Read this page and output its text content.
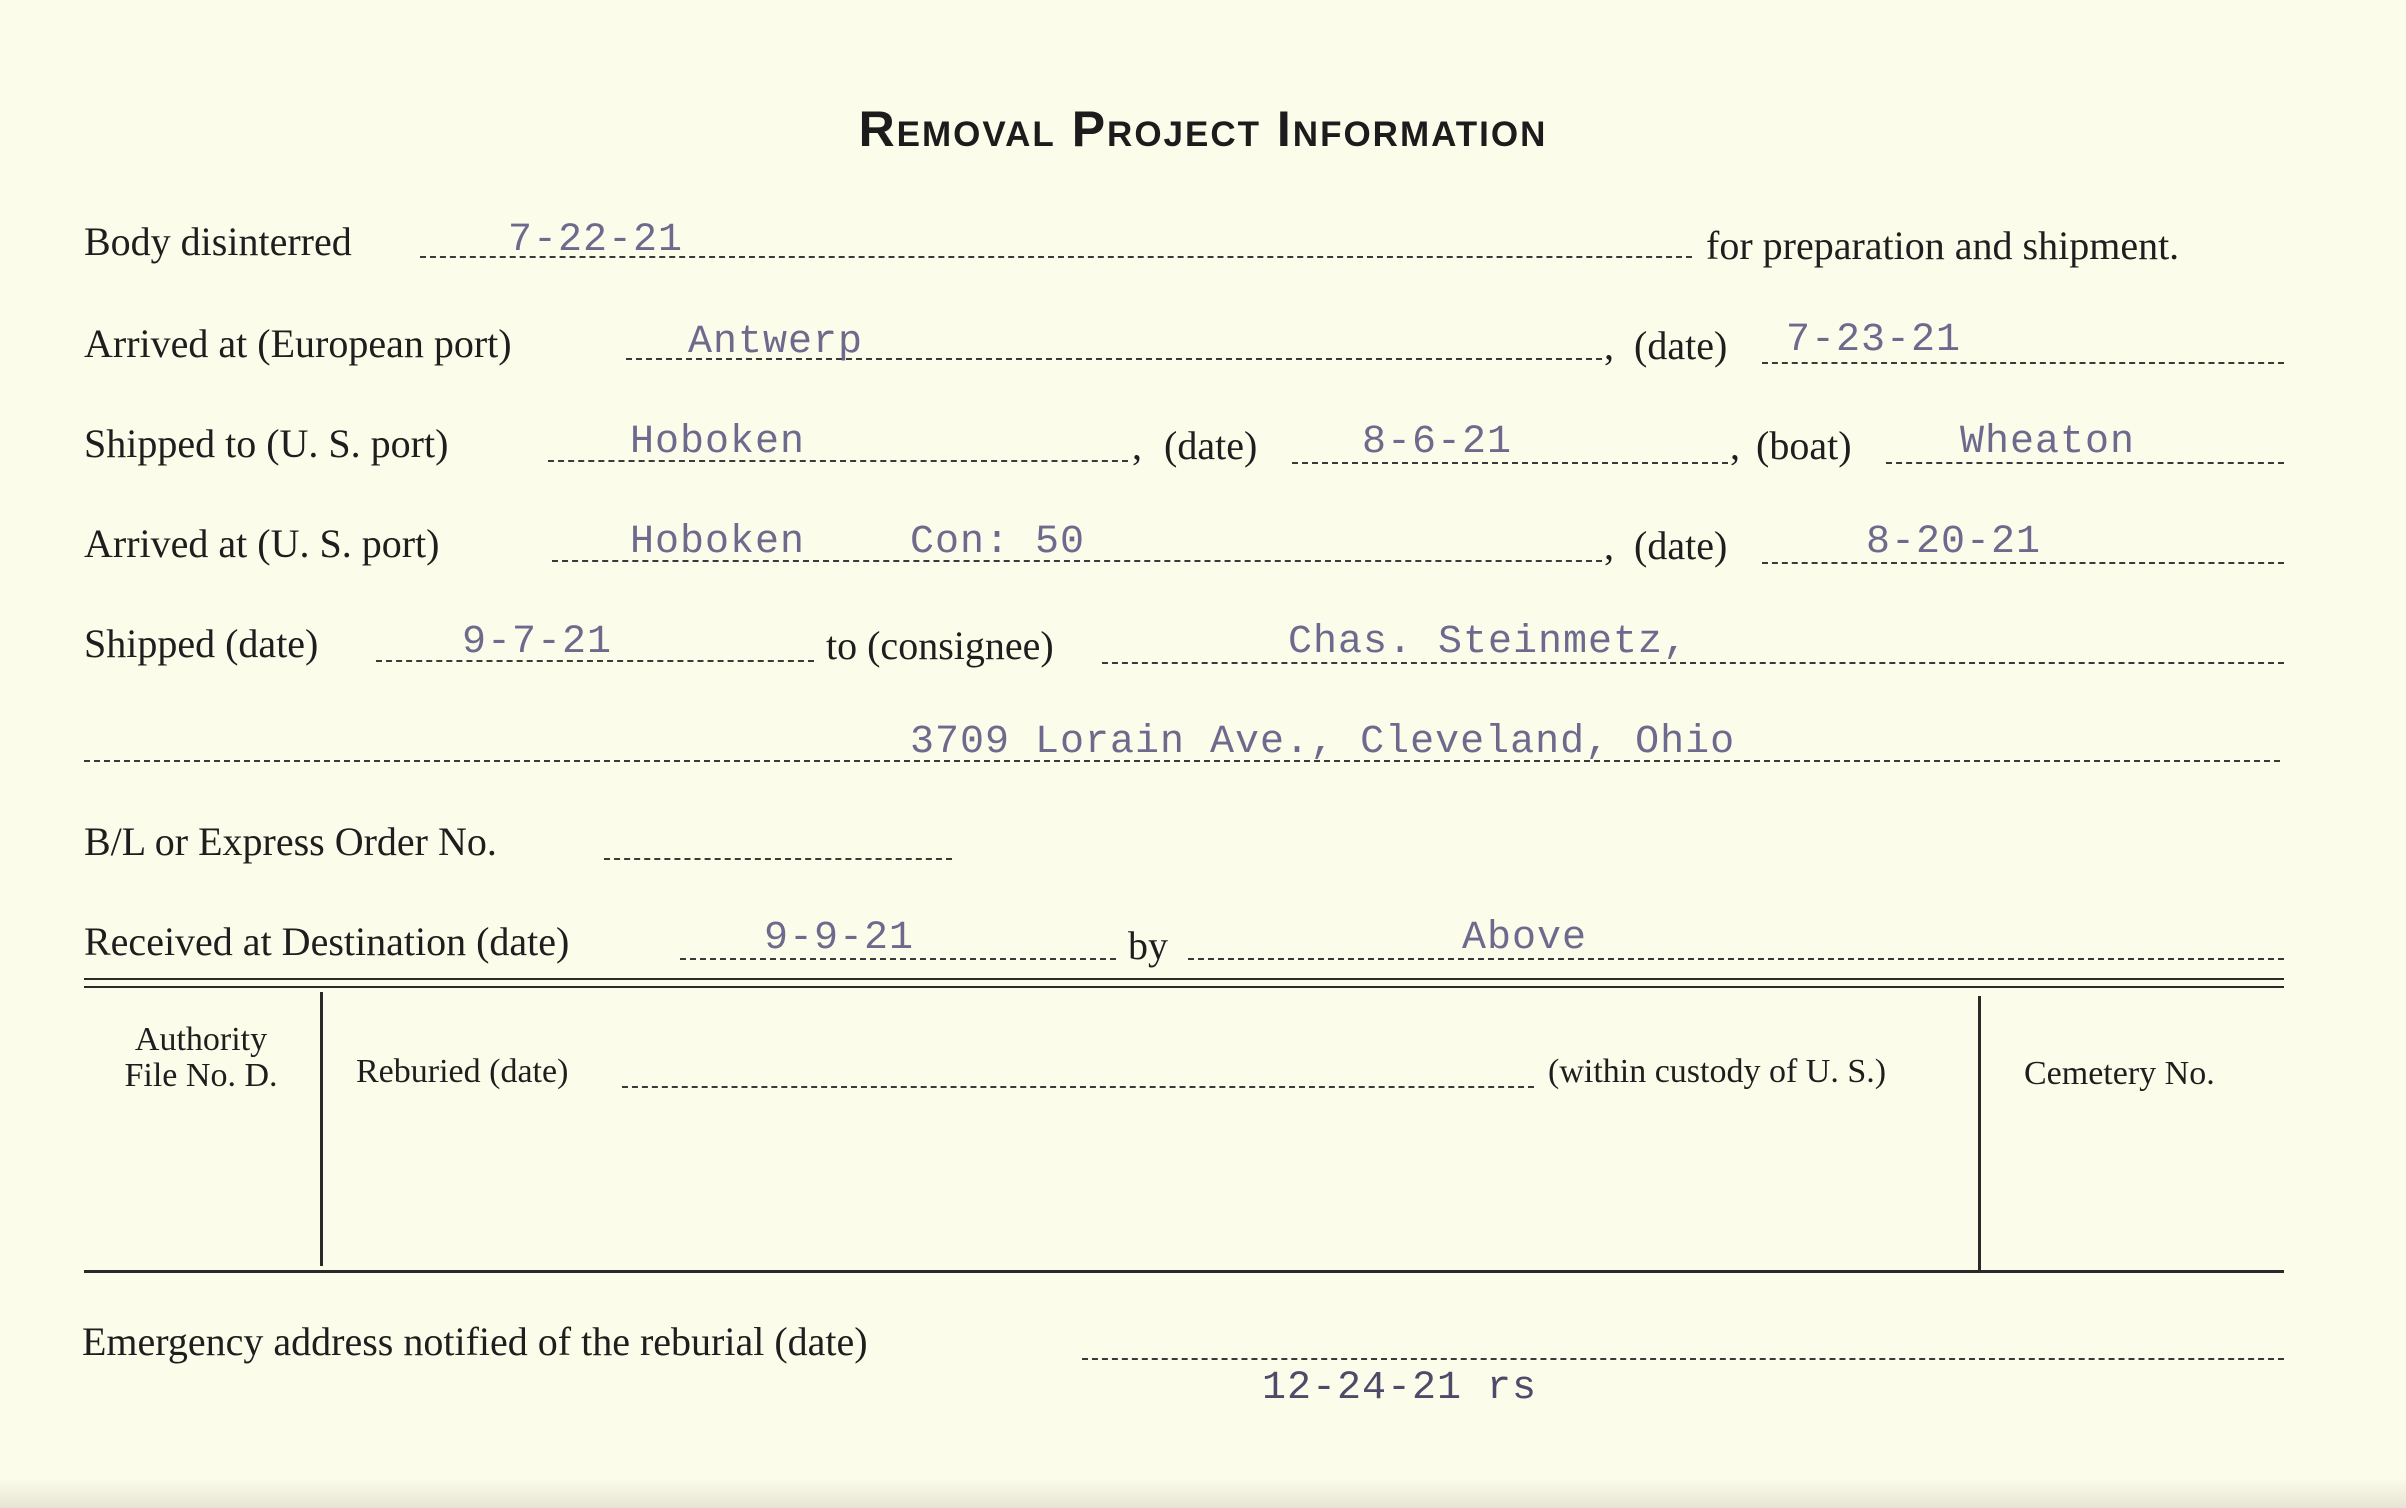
Removal Project Information
Body disinterred	7-22-21	for preparation and shipment.
Arrived at (European port)	Antwerp	, (date) 7-23-21
Shipped to (U. S. port)	Hoboken	, (date)	8-6-21	, (boat)	Wheaton
Arrived at (U. S. port)	Hoboken	Con: 50	, (date)	8-20-21
Shipped (date)	9-7-21	to (consignee)	Chas. Steinmetz,
3709 Lorain Ave., Cleveland, Ohio
B/L or Express Order No.
Received at Destination (date)	9-9-21	by	Above
Authority
File No. D.	Reburied (date)	(within custody of U. S.)	Cemetery No.
Emergency address notified of the reburial (date)
12-24-21 rs
